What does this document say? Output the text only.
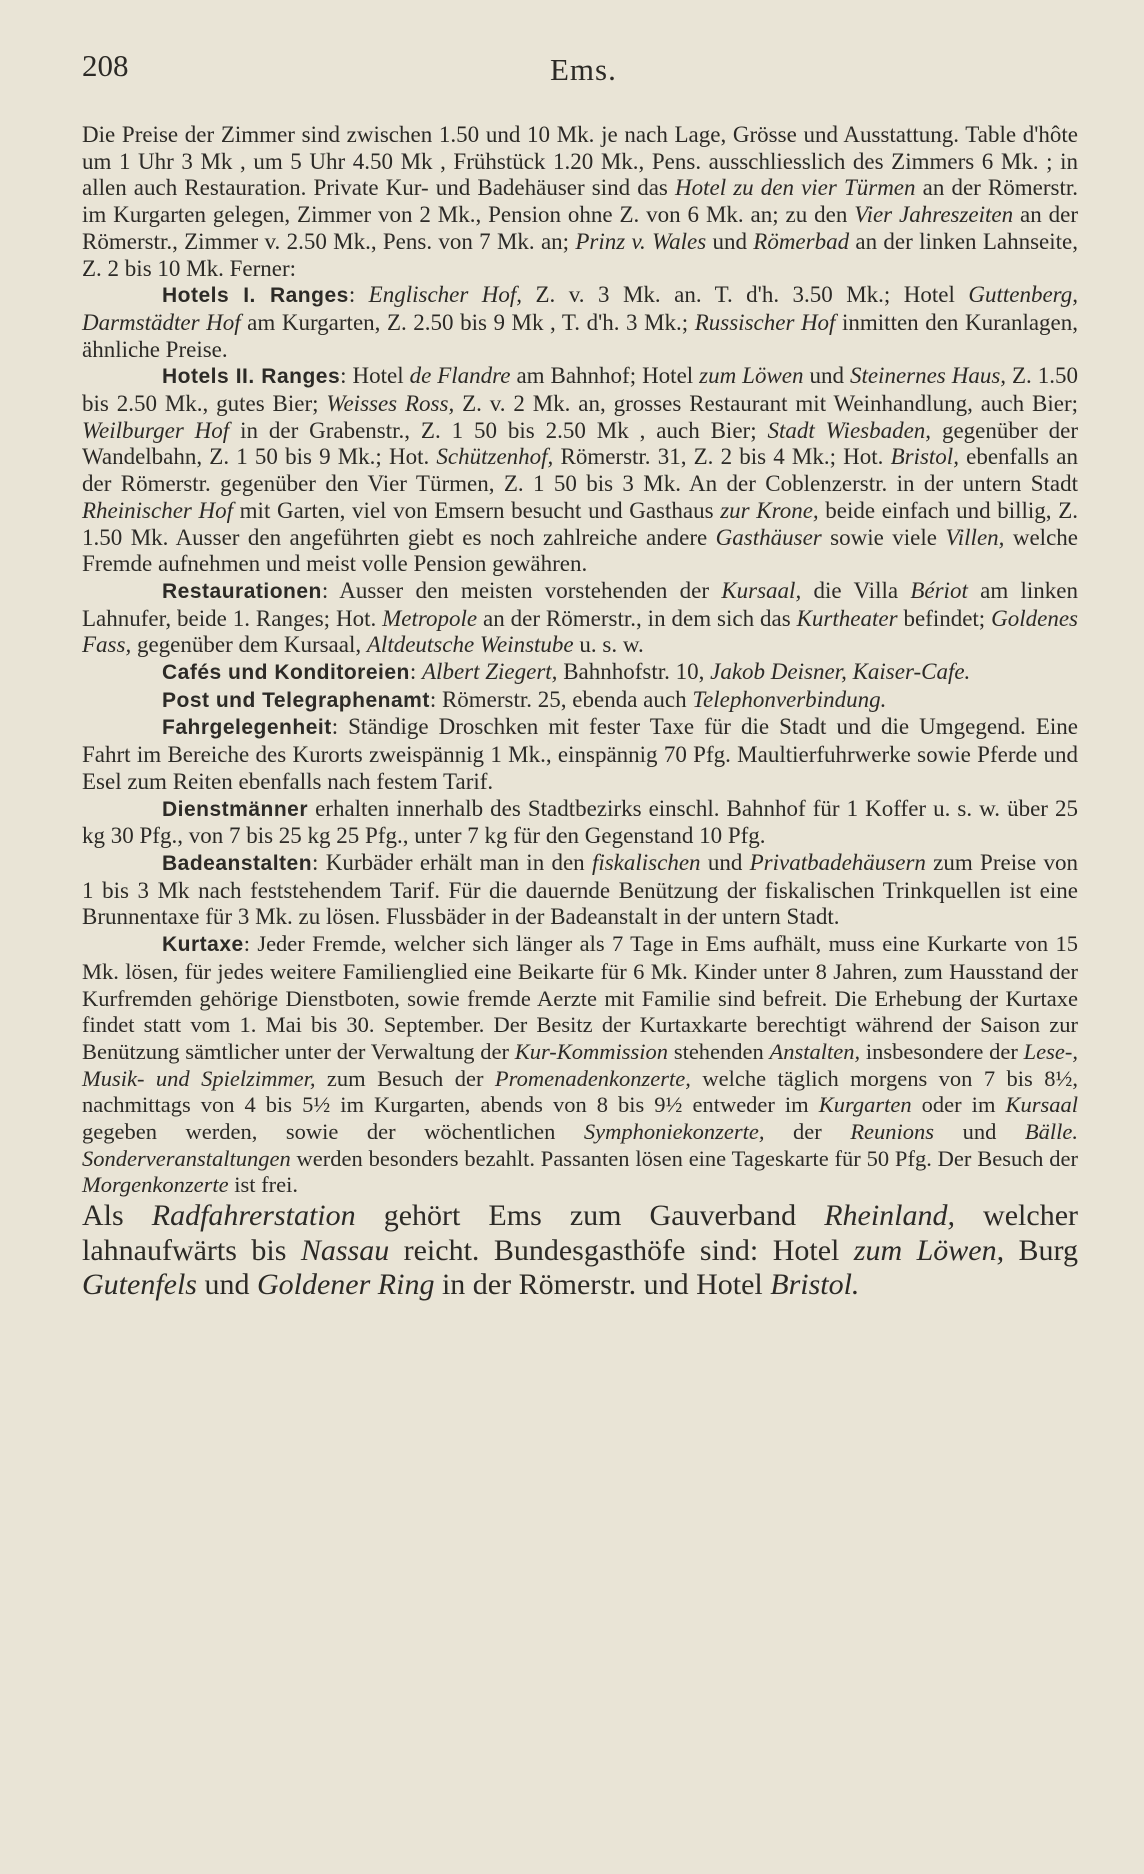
208	Ems.

Die Preise der Zimmer sind zwischen 1.50 und 10 Mk. je nach Lage, Grösse und Ausstattung. Table d'hôte um 1 Uhr 3 Mk , um 5 Uhr 4.50 Mk , Frühstück 1.20 Mk., Pens. ausschliesslich des Zimmers 6 Mk. ; in allen auch Restauration. Private Kur- und Badehäuser sind das Hotel zu den vier Türmen an der Römerstr. im Kurgarten gelegen, Zimmer von 2 Mk., Pension ohne Z. von 6 Mk. an; zu den Vier Jahreszeiten an der Römerstr., Zimmer v. 2.50 Mk., Pens. von 7 Mk. an; Prinz v. Wales und Römerbad an der linken Lahnseite, Z. 2 bis 10 Mk. Ferner:

Hotels I. Ranges: Englischer Hof, Z. v. 3 Mk. an. T. d'h. 3.50 Mk.; Hotel Guttenberg, Darmstädter Hof am Kurgarten, Z. 2.50 bis 9 Mk , T. d'h. 3 Mk.; Russischer Hof inmitten den Kuranlagen, ähnliche Preise.

Hotels II. Ranges: Hotel de Flandre am Bahnhof; Hotel zum Löwen und Steinernes Haus, Z. 1.50 bis 2.50 Mk., gutes Bier; Weisses Ross, Z. v. 2 Mk. an, grosses Restaurant mit Weinhandlung, auch Bier; Weilburger Hof in der Grabenstr., Z. 1 50 bis 2.50 Mk , auch Bier; Stadt Wiesbaden, gegenüber der Wandelbahn, Z. 1 50 bis 9 Mk.; Hot. Schützenhof, Römerstr. 31, Z. 2 bis 4 Mk.; Hot. Bristol, ebenfalls an der Römerstr. gegenüber den Vier Türmen, Z. 1 50 bis 3 Mk. An der Coblenzerstr. in der untern Stadt Rheinischer Hof mit Garten, viel von Emsern besucht und Gasthaus zur Krone, beide einfach und billig, Z. 1.50 Mk. Ausser den angeführten giebt es noch zahlreiche andere Gasthäuser sowie viele Villen, welche Fremde aufnehmen und meist volle Pension gewähren.

Restaurationen: Ausser den meisten vorstehenden der Kursaal, die Villa Bériot am linken Lahnufer, beide 1. Ranges; Hot. Metropole an der Römerstr., in dem sich das Kurtheater befindet; Goldenes Fass, gegenüber dem Kursaal, Altdeutsche Weinstube u. s. w.

Cafés und Konditoreien: Albert Ziegert, Bahnhofstr. 10, Jakob Deisner, Kaiser-Cafe.

Post und Telegraphenamt: Römerstr. 25, ebenda auch Telephonverbindung.

Fahrgelegenheit: Ständige Droschken mit fester Taxe für die Stadt und die Umgegend. Eine Fahrt im Bereiche des Kurorts zweispännig 1 Mk., einspännig 70 Pfg. Maultierfuhrwerke sowie Pferde und Esel zum Reiten ebenfalls nach festem Tarif.

Dienstmänner erhalten innerhalb des Stadtbezirks einschl. Bahnhof für 1 Koffer u. s. w. über 25 kg 30 Pfg., von 7 bis 25 kg 25 Pfg., unter 7 kg für den Gegenstand 10 Pfg.

Badeanstalten: Kurbäder erhält man in den fiskalischen und Privatbadehäusern zum Preise von 1 bis 3 Mk nach feststehendem Tarif. Für die dauernde Benützung der fiskalischen Trinkquellen ist eine Brunnentaxe für 3 Mk. zu lösen. Flussbäder in der Badeanstalt in der untern Stadt.

Kurtaxe: Jeder Fremde, welcher sich länger als 7 Tage in Ems aufhält, muss eine Kurkarte von 15 Mk. lösen, für jedes weitere Familienglied eine Beikarte für 6 Mk. Kinder unter 8 Jahren, zum Hausstand der Kurfremden gehörige Dienstboten, sowie fremde Aerzte mit Familie sind befreit. Die Erhebung der Kurtaxe findet statt vom 1. Mai bis 30. September. Der Besitz der Kurtaxkarte berechtigt während der Saison zur Benützung sämtlicher unter der Verwaltung der Kur-Kommission stehenden Anstalten, insbesondere der Lese-, Musik- und Spielzimmer, zum Besuch der Promenadenkonzerte, welche täglich morgens von 7 bis 8½, nachmittags von 4 bis 5½ im Kurgarten, abends von 8 bis 9½ entweder im Kurgarten oder im Kursaal gegeben werden, sowie der wöchentlichen Symphoniekonzerte, der Reunions und Bälle. Sonderveranstaltungen werden besonders bezahlt. Passanten lösen eine Tageskarte für 50 Pfg. Der Besuch der Morgenkonzerte ist frei.

Als Radfahrerstation gehört Ems zum Gauverband Rheinland, welcher lahnaufwärts bis Nassau reicht. Bundesgasthöfe sind: Hotel zum Löwen, Burg Gutenfels und Goldener Ring in der Römerstr. und Hotel Bristol.
